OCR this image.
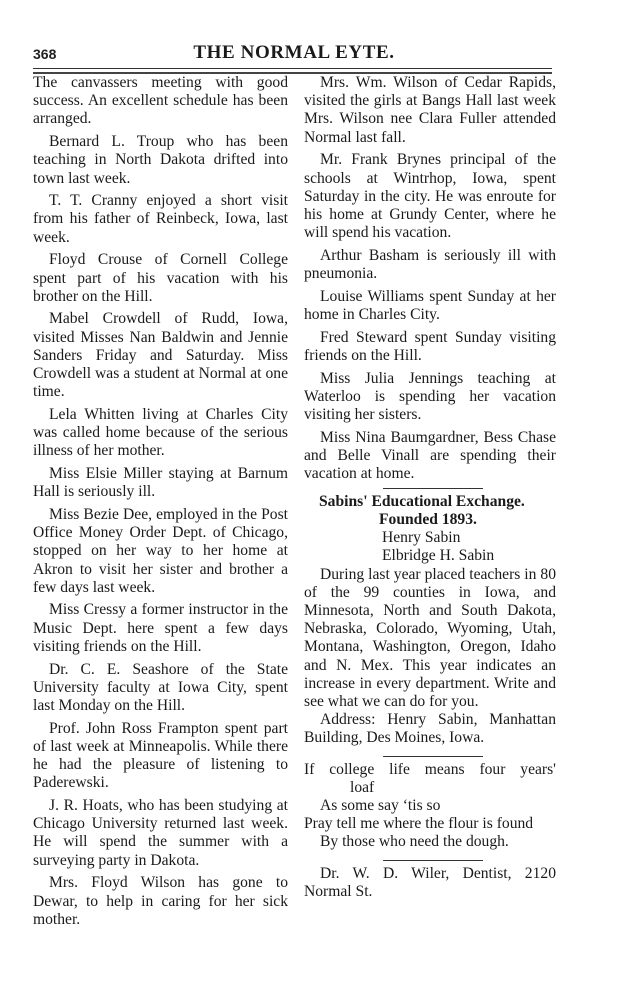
368	THE NORMAL EYTE.

The canvassers meeting with good success. An excellent schedule has been arranged.

Bernard L. Troup who has been teaching in North Dakota drifted into town last week.

T. T. Cranny enjoyed a short visit from his father of Reinbeck, Iowa, last week.

Floyd Crouse of Cornell College spent part of his vacation with his brother on the Hill.

Mabel Crowdell of Rudd, Iowa, visited Misses Nan Baldwin and Jennie Sanders Friday and Saturday. Miss Crowdell was a student at Normal at one time.

Lela Whitten living at Charles City was called home because of the serious illness of her mother.

Miss Elsie Miller staying at Barnum Hall is seriously ill.

Miss Bezie Dee, employed in the Post Office Money Order Dept. of Chicago, stopped on her way to her home at Akron to visit her sister and brother a few days last week.

Miss Cressy a former instructor in the Music Dept. here spent a few days visiting friends on the Hill.

Dr. C. E. Seashore of the State University faculty at Iowa City, spent last Monday on the Hill.

Prof. John Ross Frampton spent part of last week at Minneapolis. While there he had the pleasure of listening to Paderewski.

J. R. Hoats, who has been studying at Chicago University returned last week. He will spend the summer with a surveying party in Dakota.

Mrs. Floyd Wilson has gone to Dewar, to help in caring for her sick mother.

Mrs. Wm. Wilson of Cedar Rapids, visited the girls at Bangs Hall last week Mrs. Wilson nee Clara Fuller attended Normal last fall.

Mr. Frank Brynes principal of the schools at Wintrhop, Iowa, spent Saturday in the city. He was enroute for his home at Grundy Center, where he will spend his vacation.

Arthur Basham is seriously ill with pneumonia.

Louise Williams spent Sunday at her home in Charles City.

Fred Steward spent Sunday visiting friends on the Hill.

Miss Julia Jennings teaching at Waterloo is spending her vacation visiting her sisters.

Miss Nina Baumgardner, Bess Chase and Belle Vinall are spending their vacation at home.

Sabins' Educational Exchange.

Founded 1893.

Henry Sabin

Elbridge H. Sabin

During last year placed teachers in 80 of the 99 counties in Iowa, and Minnesota, North and South Dakota, Nebraska, Colorado, Wyoming, Utah, Montana, Washington, Oregon, Idaho and N. Mex. This year indicates an increase in every department. Write and see what we can do for you.

Address: Henry Sabin, Manhattan Building, Des Moines, Iowa.

If college life means four years'

loaf

As some say ‘tis so

Pray tell me where the flour is found

By those who need the dough.

Dr. W. D. Wiler, Dentist, 2120 Normal St.
